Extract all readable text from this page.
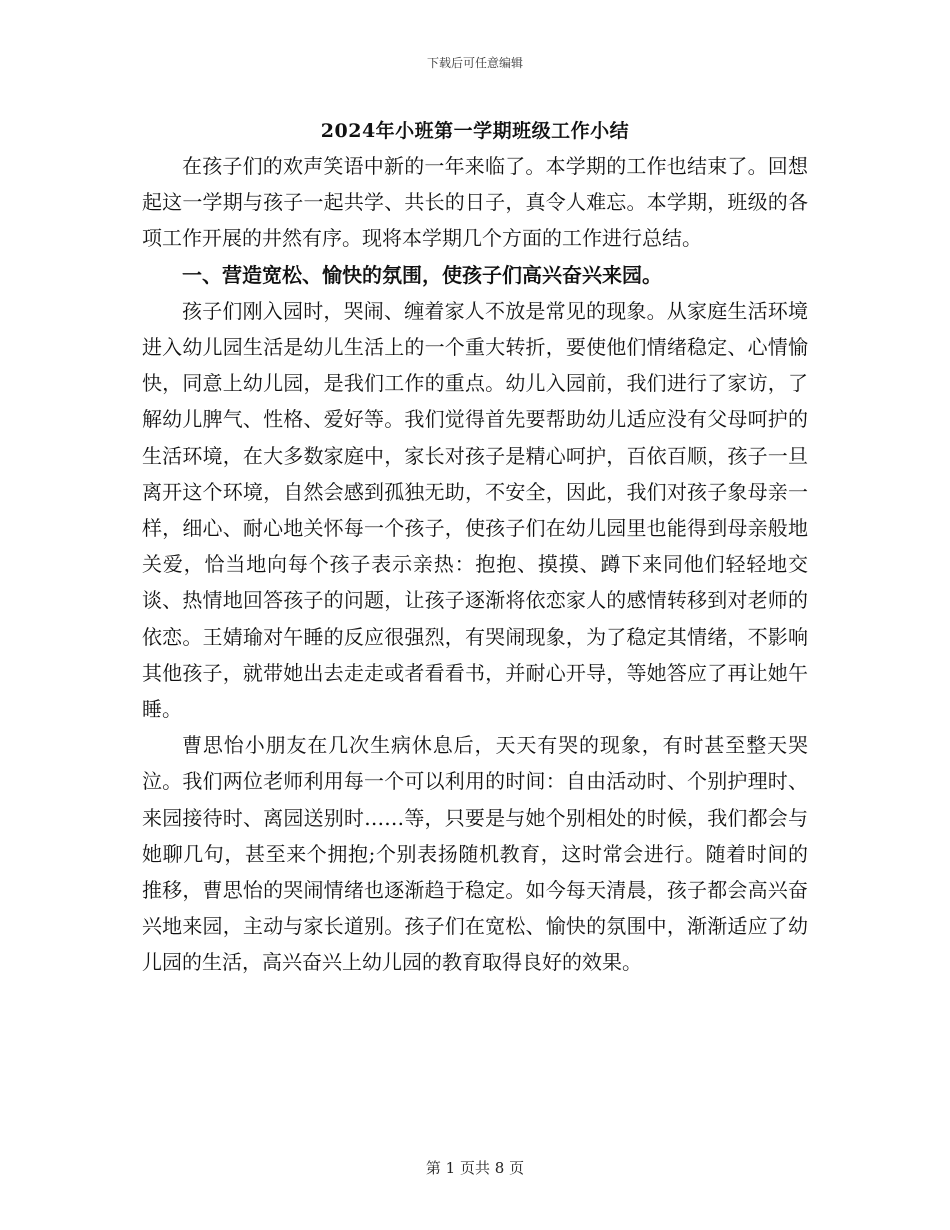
下载后可任意编辑
2024年小班第一学期班级工作小结

在孩子们的欢声笑语中新的一年来临了。本学期的工作也结束了。回想起这一学期与孩子一起共学、共长的日子，真令人难忘。本学期，班级的各项工作开展的井然有序。现将本学期几个方面的工作进行总结。

一、营造宽松、愉快的氛围，使孩子们高兴奋兴来园。

孩子们刚入园时，哭闹、缠着家人不放是常见的现象。从家庭生活环境进入幼儿园生活是幼儿生活上的一个重大转折，要使他们情绪稳定、心情愉快，同意上幼儿园，是我们工作的重点。幼儿入园前，我们进行了家访，了解幼儿脾气、性格、爱好等。我们觉得首先要帮助幼儿适应没有父母呵护的生活环境，在大多数家庭中，家长对孩子是精心呵护，百依百顺，孩子一旦离开这个环境，自然会感到孤独无助，不安全，因此，我们对孩子象母亲一样，细心、耐心地关怀每一个孩子，使孩子们在幼儿园里也能得到母亲般地关爱，恰当地向每个孩子表示亲热：抱抱、摸摸、蹲下来同他们轻轻地交谈、热情地回答孩子的问题，让孩子逐渐将依恋家人的感情转移到对老师的依恋。王婧瑜对午睡的反应很强烈，有哭闹现象，为了稳定其情绪，不影响其他孩子，就带她出去走走或者看看书，并耐心开导，等她答应了再让她午睡。

曹思怡小朋友在几次生病休息后，天天有哭的现象，有时甚至整天哭泣。我们两位老师利用每一个可以利用的时间：自由活动时、个别护理时、来园接待时、离园送别时……等，只要是与她个别相处的时候，我们都会与她聊几句，甚至来个拥抱;个别表扬随机教育，这时常会进行。随着时间的推移，曹思怡的哭闹情绪也逐渐趋于稳定。如今每天清晨，孩子都会高兴奋兴地来园，主动与家长道别。孩子们在宽松、愉快的氛围中，渐渐适应了幼儿园的生活，高兴奋兴上幼儿园的教育取得良好的效果。

第 1 页共 8 页
